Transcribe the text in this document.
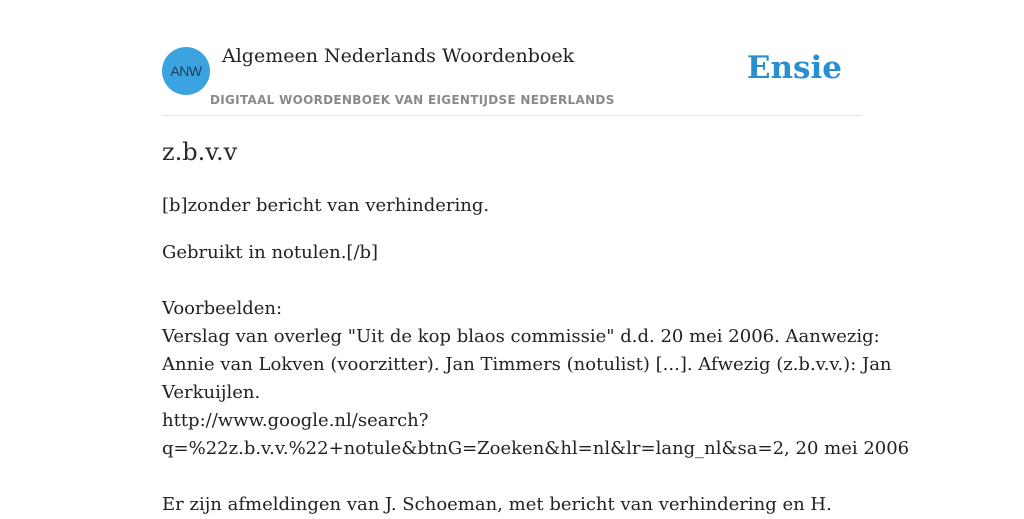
ANW
Algemeen Nederlands Woordenboek
DIGITAAL WOORDENBOEK VAN EIGENTIJDSE NEDERLANDS
Ensie
z.b.v.v

[b]zonder bericht van verhindering.

Gebruikt in notulen.[/b]

Voorbeelden:

Verslag van overleg "Uit de kop blaos commissie" d.d. 20 mei 2006. Aanwezig:

Annie van Lokven (voorzitter). Jan Timmers (notulist) [...]. Afwezig (z.b.v.v.): Jan

Verkuijlen.

http://www.google.nl/search?

q=%22z.b.v.v.%22+notule&btnG=Zoeken&hl=nl&lr=lang_nl&sa=2, 20 mei 2006

Er zijn afmeldingen van J. Schoeman, met bericht van verhindering en H.
